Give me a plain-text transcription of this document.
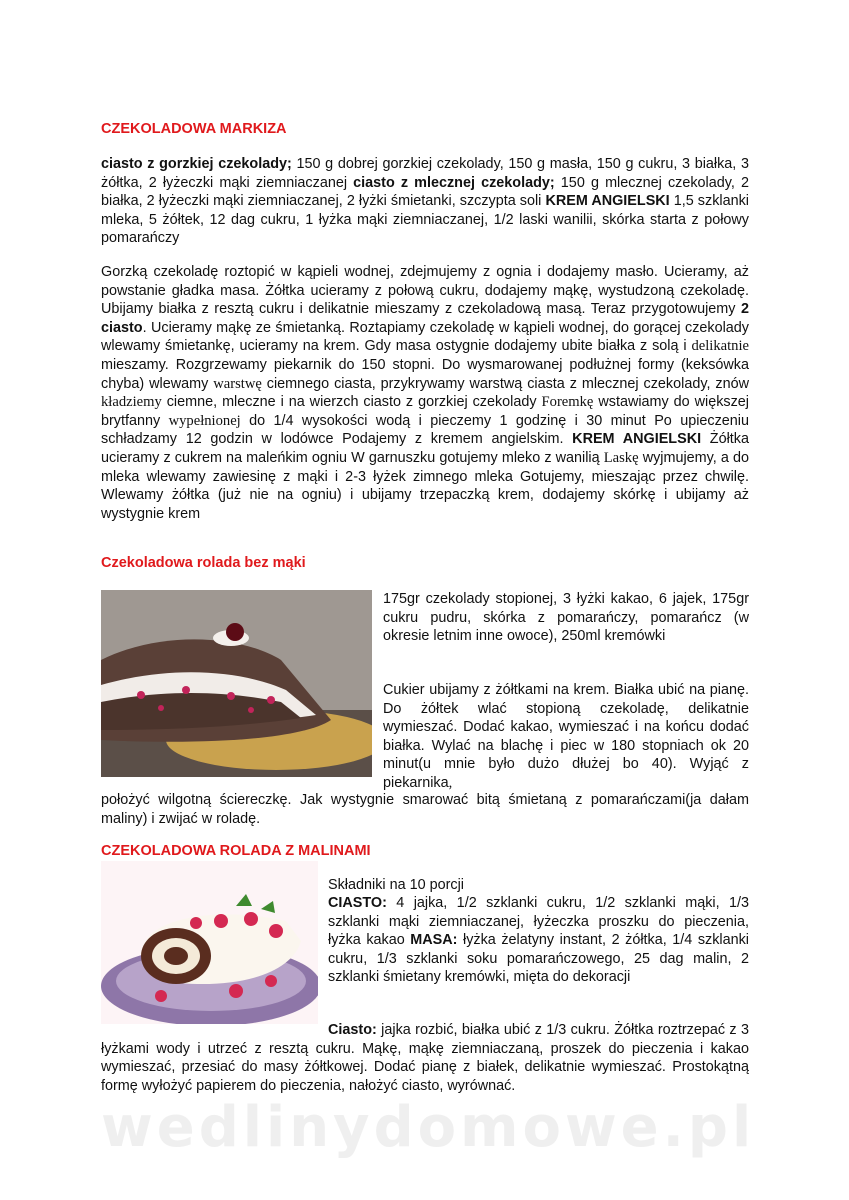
CZEKOLADOWA MARKIZA

ciasto z gorzkiej czekolady; 150 g dobrej gorzkiej czekolady, 150 g masła, 150 g cukru, 3 białka, 3 żółtka, 2 łyżeczki mąki ziemniaczanej ciasto z mlecznej czekolady; 150 g mlecznej czekolady, 2 białka, 2 łyżeczki mąki ziemniaczanej, 2 łyżki śmietanki, szczypta soli KREM ANGIELSKI 1,5 szklanki mleka, 5 żółtek, 12 dag cukru, 1 łyżka mąki ziemniaczanej, 1/2 laski wanilii, skórka starta z połowy pomarańczy

Gorzką czekoladę roztopić w kąpieli wodnej, zdejmujemy z ognia i dodajemy masło. Ucieramy, aż powstanie gładka masa. Żółtka ucieramy z połową cukru, dodajemy mąkę, wystudzoną czekoladę. Ubijamy białka z resztą cukru i delikatnie mieszamy z czekoladową masą. Teraz przygotowujemy 2 ciasto. Ucieramy mąkę ze śmietanką. Roztapiamy czekoladę w kąpieli wodnej, do gorącej czekolady wlewamy śmietankę, ucieramy na krem. Gdy masa ostygnie dodajemy ubite białka z solą i delikatnie mieszamy. Rozgrzewamy piekarnik do 150 stopni. Do wysmarowanej podłużnej formy (keksówka chyba) wlewamy warstwę ciemnego ciasta, przykrywamy warstwą ciasta z mlecznej czekolady, znów kładziemy ciemne, mleczne i na wierzch ciasto z gorzkiej czekolady Foremkę wstawiamy do większej brytfanny wypełnionej do 1/4 wysokości wodą i pieczemy 1 godzinę i 30 minut Po upieczeniu schładzamy 12 godzin w lodówce Podajemy z kremem angielskim. KREM ANGIELSKI Żółtka ucieramy z cukrem na maleńkim ogniu W garnuszku gotujemy mleko z wanilią Laskę wyjmujemy, a do mleka wlewamy zawiesinę z mąki i 2-3 łyżek zimnego mleka Gotujemy, mieszając przez chwilę. Wlewamy żółtka (już nie na ogniu) i ubijamy trzepaczką krem, dodajemy skórkę i ubijamy aż wystygnie krem

Czekoladowa rolada bez mąki

175gr czekolady stopionej, 3 łyżki kakao, 6 jajek, 175gr cukru pudru, skórka z pomarańczy, pomarańcz (w okresie letnim inne owoce), 250ml kremówki

Cukier ubijamy z żółtkami na krem. Białka ubić na pianę. Do żółtek wlać stopioną czekoladę, delikatnie wymieszać. Dodać kakao, wymieszać i na końcu dodać białka. Wylać na blachę i piec w 180 stopniach ok 20 minut(u mnie było dużo dłużej bo 40). Wyjąć z piekarnika,

położyć wilgotną ściereczkę. Jak wystygnie smarować bitą śmietaną z pomarańczami(ja dałam maliny) i zwijać w roladę.

CZEKOLADOWA ROLADA Z MALINAMI

Składniki na 10 porcji

CIASTO: 4 jajka, 1/2 szklanki cukru, 1/2 szklanki mąki, 1/3 szklanki mąki ziemniaczanej, łyżeczka proszku do pieczenia, łyżka kakao MASA: łyżka żelatyny instant, 2 żółtka, 1/4 szklanki cukru, 1/3 szklanki soku pomarańczowego, 25 dag malin, 2 szklanki śmietany kremówki, mięta do dekoracji

Ciasto: jajka rozbić, białka ubić z 1/3 cukru. Żółtka roztrzepać z 3 łyżkami wody i utrzeć z resztą cukru. Mąkę, mąkę ziemniaczaną, proszek do pieczenia i kakao wymieszać, przesiać do masy żółtkowej. Dodać pianę z białek, delikatnie wymieszać. Prostokątną formę wyłożyć papierem do pieczenia, nałożyć ciasto, wyrównać.

wedlinydomowe.pl
